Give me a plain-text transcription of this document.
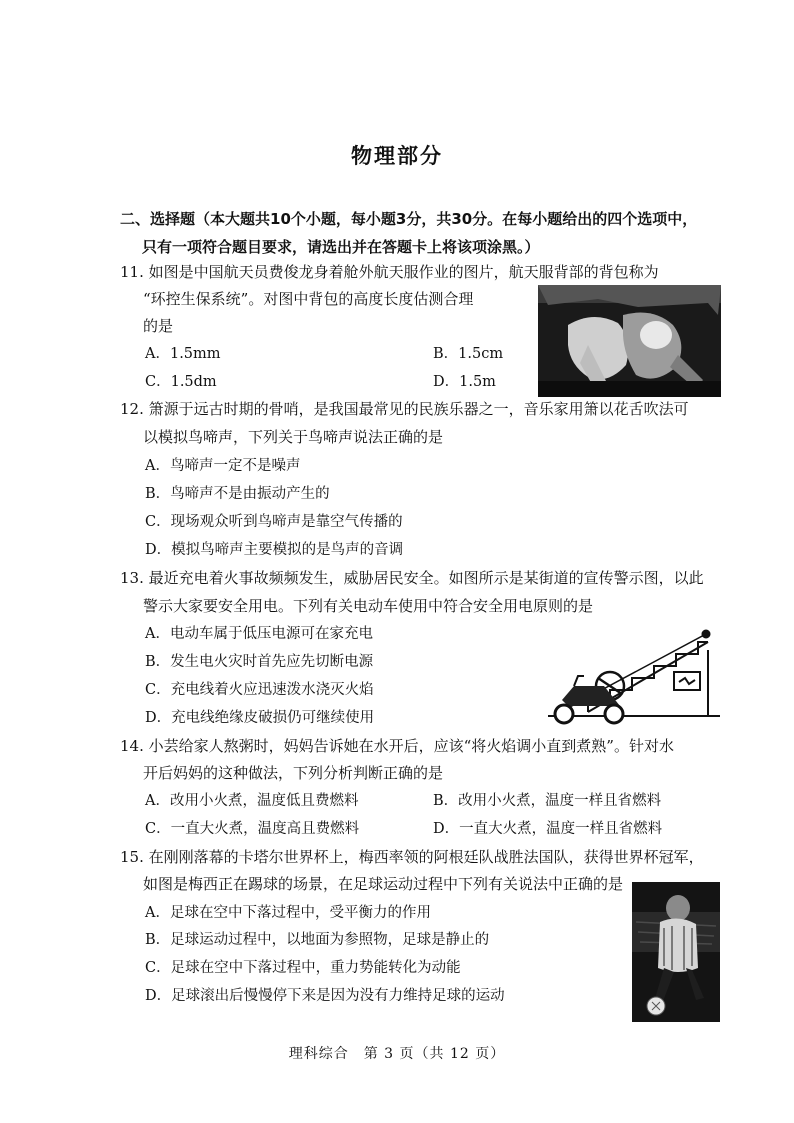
物理部分
二、选择题（本大题共10个小题，每小题3分，共30分。在每小题给出的四个选项中，
只有一项符合题目要求，请选出并在答题卡上将该项涂黑。）
11. 如图是中国航天员费俊龙身着舱外航天服作业的图片，航天服背部的背包称为
“环控生保系统”。对图中背包的高度长度估测合理
的是
A．1.5mm	B．1.5cm
C．1.5dm	D．1.5m
12. 箫源于远古时期的骨哨，是我国最常见的民族乐器之一，音乐家用箫以花舌吹法可
以模拟鸟啼声，下列关于鸟啼声说法正确的是
A．鸟啼声一定不是噪声
B．鸟啼声不是由振动产生的
C．现场观众听到鸟啼声是靠空气传播的
D．模拟鸟啼声主要模拟的是鸟声的音调
13. 最近充电着火事故频频发生，威胁居民安全。如图所示是某街道的宣传警示图，以此
警示大家要安全用电。下列有关电动车使用中符合安全用电原则的是
A．电动车属于低压电源可在家充电
B．发生电火灾时首先应先切断电源
C．充电线着火应迅速泼水浇灭火焰
D．充电线绝缘皮破损仍可继续使用
14. 小芸给家人熬粥时，妈妈告诉她在水开后，应该“将火焰调小直到煮熟”。针对水
开后妈妈的这种做法，下列分析判断正确的是
A．改用小火煮，温度低且费燃料	B．改用小火煮，温度一样且省燃料
C．一直大火煮，温度高且费燃料	D．一直大火煮，温度一样且省燃料
15. 在刚刚落幕的卡塔尔世界杯上，梅西率领的阿根廷队战胜法国队，获得世界杯冠军，
如图是梅西正在踢球的场景，在足球运动过程中下列有关说法中正确的是
A．足球在空中下落过程中，受平衡力的作用
B．足球运动过程中，以地面为参照物，足球是静止的
C．足球在空中下落过程中，重力势能转化为动能
D．足球滚出后慢慢停下来是因为没有力维持足球的运动
理科综合　第 3 页（共 12 页）
